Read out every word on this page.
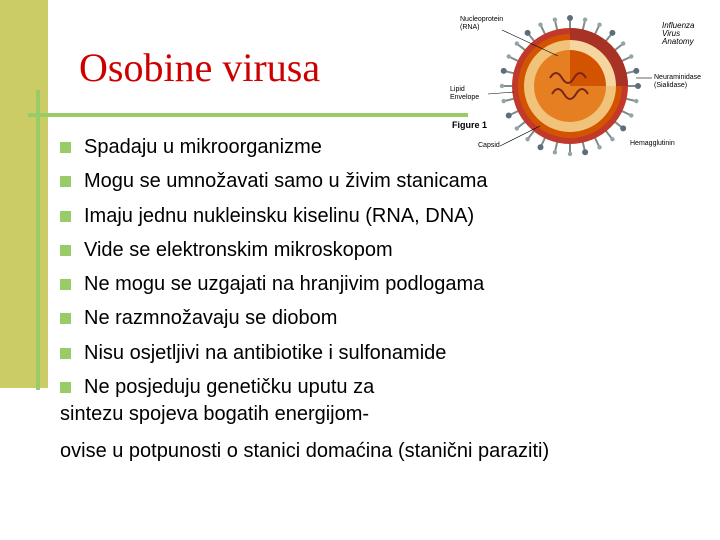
Osobine virusa
Nucleoprotein
(RNA)	Influenza
Virus
Anatomy
Lipid
Envelope
Neuraminidase
(Sialidase)
Figure 1
Capsid	Hemagglutinin
Spadaju u mikroorganizme
Mogu se umnožavati samo u živim stanicama
Imaju jednu nukleinsku kiselinu (RNA, DNA)
Vide se elektronskim mikroskopom
Ne mogu se uzgajati na hranjivim podlogama
Ne razmnožavaju se diobom
Nisu osjetljivi na antibiotike i sulfonamide
Ne posjeduju genetičku uputu za
sintezu spojeva bogatih energijom-
ovise u potpunosti o stanici domaćina (stanični paraziti)
